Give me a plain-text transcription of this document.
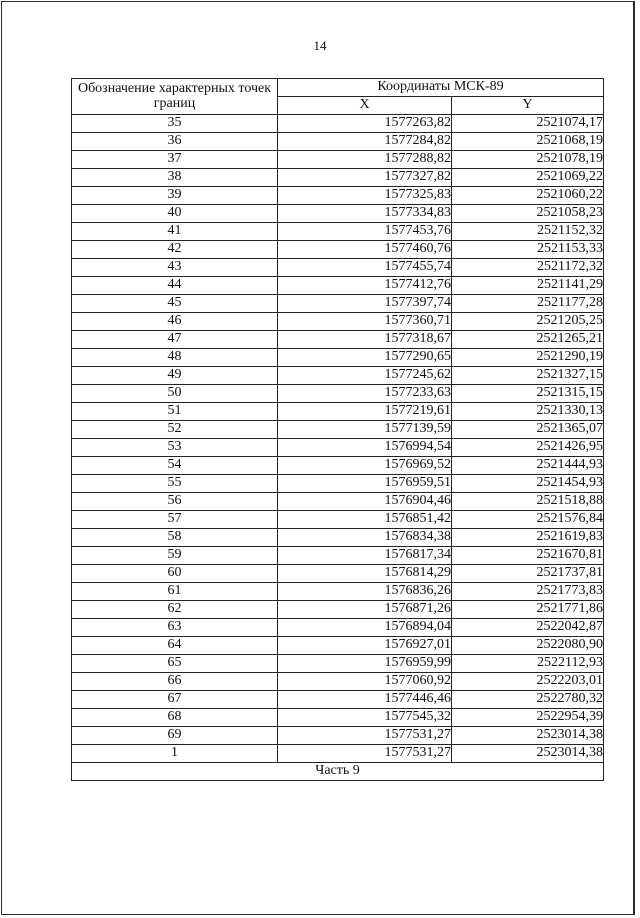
14
Обозначение характерных точек границ	Координаты МСК-89	
	X	Y
35	1577263,82	2521074,17
36	1577284,82	2521068,19
37	1577288,82	2521078,19
38	1577327,82	2521069,22
39	1577325,83	2521060,22
40	1577334,83	2521058,23
41	1577453,76	2521152,32
42	1577460,76	2521153,33
43	1577455,74	2521172,32
44	1577412,76	2521141,29
45	1577397,74	2521177,28
46	1577360,71	2521205,25
47	1577318,67	2521265,21
48	1577290,65	2521290,19
49	1577245,62	2521327,15
50	1577233,63	2521315,15
51	1577219,61	2521330,13
52	1577139,59	2521365,07
53	1576994,54	2521426,95
54	1576969,52	2521444,93
55	1576959,51	2521454,93
56	1576904,46	2521518,88
57	1576851,42	2521576,84
58	1576834,38	2521619,83
59	1576817,34	2521670,81
60	1576814,29	2521737,81
61	1576836,26	2521773,83
62	1576871,26	2521771,86
63	1576894,04	2522042,87
64	1576927,01	2522080,90
65	1576959,99	2522112,93
66	1577060,92	2522203,01
67	1577446,46	2522780,32
68	1577545,32	2522954,39
69	1577531,27	2523014,38
1	1577531,27	2523014,38
Часть 9		
